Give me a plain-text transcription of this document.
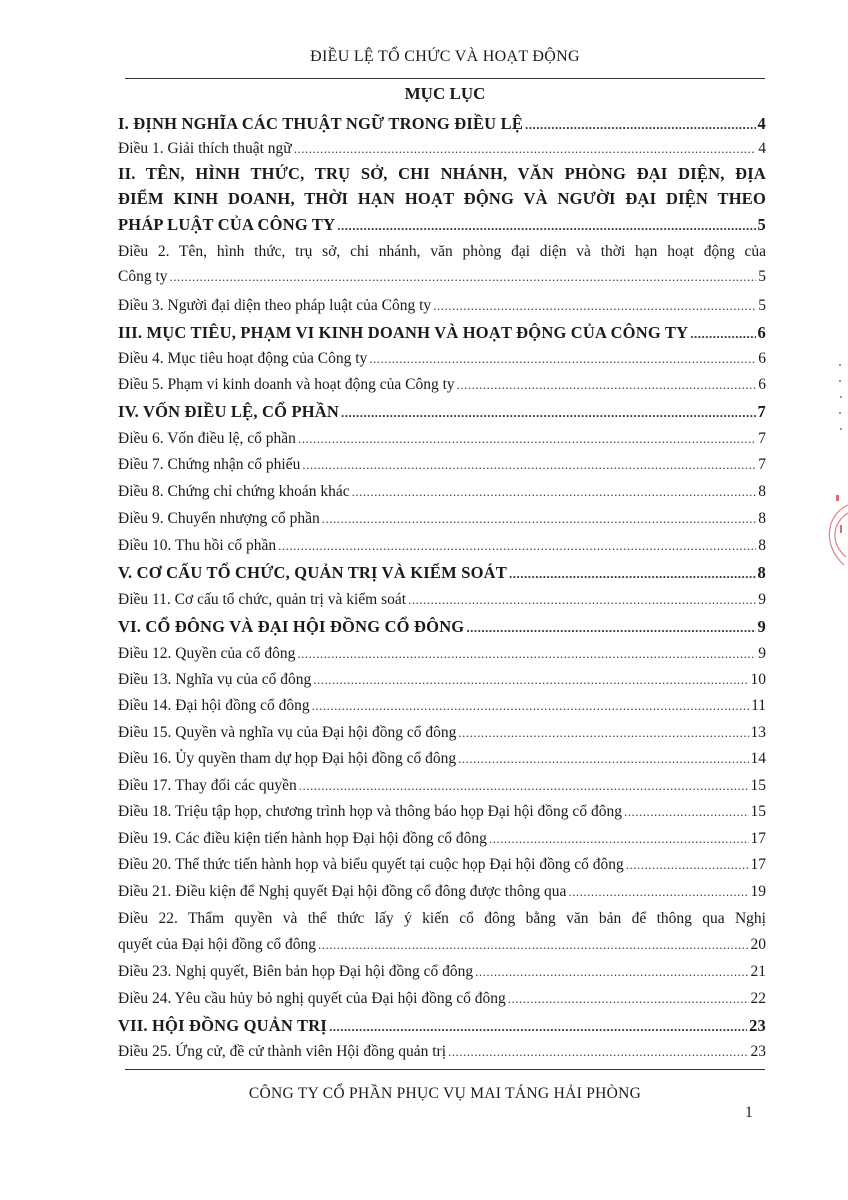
ĐIỀU LỆ TỔ CHỨC VÀ HOẠT ĐỘNG
MỤC LỤC
I. ĐỊNH NGHĨA CÁC THUẬT NGỮ TRONG ĐIỀU LỆ .....	4
Điều 1. Giải thích thuật ngữ .....	4
II. TÊN, HÌNH THỨC, TRỤ SỞ, CHI NHÁNH, VĂN PHÒNG ĐẠI DIỆN, ĐỊA
ĐIỂM KINH DOANH, THỜI HẠN HOẠT ĐỘNG VÀ NGƯỜI ĐẠI DIỆN THEO
PHÁP LUẬT CỦA CÔNG TY .....	5
Điều 2. Tên, hình thức, trụ sở, chi nhánh, văn phòng đại diện và thời hạn hoạt động của
Công ty .....	5
Điều 3. Người đại diện theo pháp luật của Công ty .....	5
III. MỤC TIÊU, PHẠM VI KINH DOANH VÀ HOẠT ĐỘNG CỦA CÔNG TY .....	6
Điều 4. Mục tiêu hoạt động của Công ty .....	6
Điều 5. Phạm vi kinh doanh và hoạt động của Công ty .....	6
IV. VỐN ĐIỀU LỆ, CỔ PHẦN .....	7
Điều 6. Vốn điều lệ, cổ phần .....	7
Điều 7. Chứng nhận cổ phiếu .....	7
Điều 8. Chứng chỉ chứng khoán khác .....	8
Điều 9. Chuyển nhượng cổ phần .....	8
Điều 10. Thu hồi cổ phần .....	8
V. CƠ CẤU TỔ CHỨC, QUẢN TRỊ VÀ KIỂM SOÁT .....	8
Điều 11. Cơ cấu tổ chức, quản trị và kiểm soát .....	9
VI. CỔ ĐÔNG VÀ ĐẠI HỘI ĐỒNG CỔ ĐÔNG .....	9
Điều 12. Quyền của cổ đông .....	9
Điều 13. Nghĩa vụ của cổ đông .....	10
Điều 14. Đại hội đồng cổ đông .....	11
Điều 15. Quyền và nghĩa vụ của Đại hội đồng cổ đông .....	13
Điều 16. Ủy quyền tham dự họp Đại hội đồng cổ đông .....	14
Điều 17. Thay đổi các quyền .....	15
Điều 18. Triệu tập họp, chương trình họp và thông báo họp Đại hội đồng cổ đông .....	15
Điều 19. Các điều kiện tiến hành họp Đại hội đồng cổ đông .....	17
Điều 20. Thể thức tiến hành họp và biểu quyết tại cuộc họp Đại hội đồng cổ đông .....	17
Điều 21. Điều kiện để Nghị quyết Đại hội đồng cổ đông được thông qua .....	19
Điều 22. Thẩm quyền và thể thức lấy ý kiến cổ đông bằng văn bản để thông qua Nghị
quyết của Đại hội đồng cổ đông .....	20
Điều 23. Nghị quyết, Biên bản họp Đại hội đồng cổ đông .....	21
Điều 24. Yêu cầu hủy bỏ nghị quyết của Đại hội đồng cổ đông .....	22
VII. HỘI ĐỒNG QUẢN TRỊ .....	23
Điều 25. Ứng cử, đề cử thành viên Hội đồng quản trị .....	23
CÔNG TY CỔ PHẦN PHỤC VỤ MAI TÁNG HẢI PHÒNG
1
